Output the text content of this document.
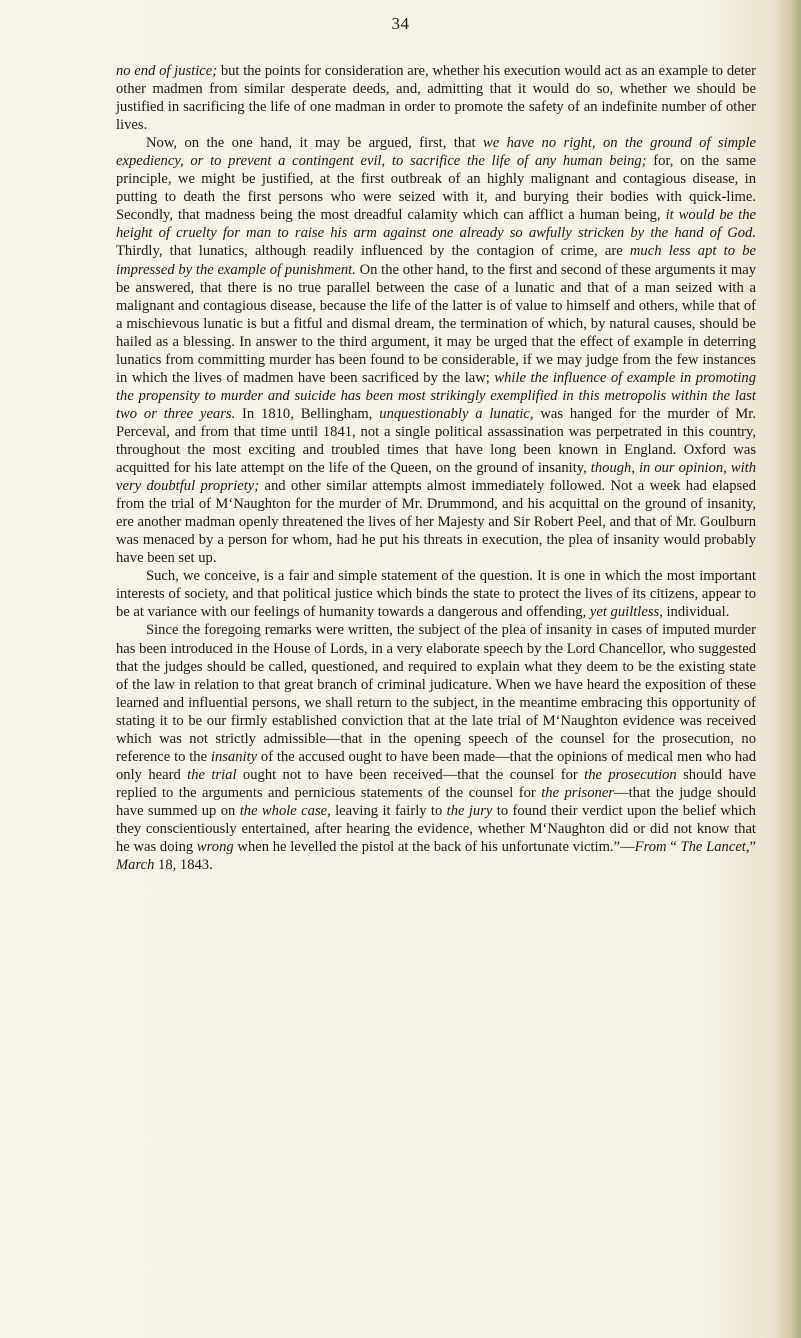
34

no end of justice; but the points for consideration are, whether his execution would act as an example to deter other madmen from similar desperate deeds, and, admitting that it would do so, whether we should be justified in sacrificing the life of one madman in order to promote the safety of an indefinite number of other lives.

Now, on the one hand, it may be argued, first, that we have no right, on the ground of simple expediency, or to prevent a contingent evil, to sacrifice the life of any human being; for, on the same principle, we might be justified, at the first outbreak of an highly malignant and contagious disease, in putting to death the first persons who were seized with it, and burying their bodies with quick-lime. Secondly, that madness being the most dreadful calamity which can afflict a human being, it would be the height of cruelty for man to raise his arm against one already so awfully stricken by the hand of God. Thirdly, that lunatics, although readily influenced by the contagion of crime, are much less apt to be impressed by the example of punishment. On the other hand, to the first and second of these arguments it may be answered, that there is no true parallel between the case of a lunatic and that of a man seized with a malignant and contagious disease, because the life of the latter is of value to himself and others, while that of a mischievous lunatic is but a fitful and dismal dream, the termination of which, by natural causes, should be hailed as a blessing. In answer to the third argument, it may be urged that the effect of example in deterring lunatics from committing murder has been found to be considerable, if we may judge from the few instances in which the lives of madmen have been sacrificed by the law; while the influence of example in promoting the propensity to murder and suicide has been most strikingly exemplified in this metropolis within the last two or three years. In 1810, Bellingham, unquestionably a lunatic, was hanged for the murder of Mr. Perceval, and from that time until 1841, not a single political assassination was perpetrated in this country, throughout the most exciting and troubled times that have long been known in England. Oxford was acquitted for his late attempt on the life of the Queen, on the ground of insanity, though, in our opinion, with very doubtful propriety; and other similar attempts almost immediately followed. Not a week had elapsed from the trial of M‘Naughton for the murder of Mr. Drummond, and his acquittal on the ground of insanity, ere another madman openly threatened the lives of her Majesty and Sir Robert Peel, and that of Mr. Goulburn was menaced by a person for whom, had he put his threats in execution, the plea of insanity would probably have been set up.

Such, we conceive, is a fair and simple statement of the question. It is one in which the most important interests of society, and that political justice which binds the state to protect the lives of its citizens, appear to be at variance with our feelings of humanity towards a dangerous and offending, yet guiltless, individual.

Since the foregoing remarks were written, the subject of the plea of insanity in cases of imputed murder has been introduced in the House of Lords, in a very elaborate speech by the Lord Chancellor, who suggested that the judges should be called, questioned, and required to explain what they deem to be the existing state of the law in relation to that great branch of criminal judicature. When we have heard the exposition of these learned and influential persons, we shall return to the subject, in the meantime embracing this opportunity of stating it to be our firmly established conviction that at the late trial of M‘Naughton evidence was received which was not strictly admissible—that in the opening speech of the counsel for the prosecution, no reference to the insanity of the accused ought to have been made—that the opinions of medical men who had only heard the trial ought not to have been received—that the counsel for the prosecution should have replied to the arguments and pernicious statements of the counsel for the prisoner—that the judge should have summed up on the whole case, leaving it fairly to the jury to found their verdict upon the belief which they conscientiously entertained, after hearing the evidence, whether M‘Naughton did or did not know that he was doing wrong when he levelled the pistol at the back of his unfortunate victim.”—From “ The Lancet,” March 18, 1843.
